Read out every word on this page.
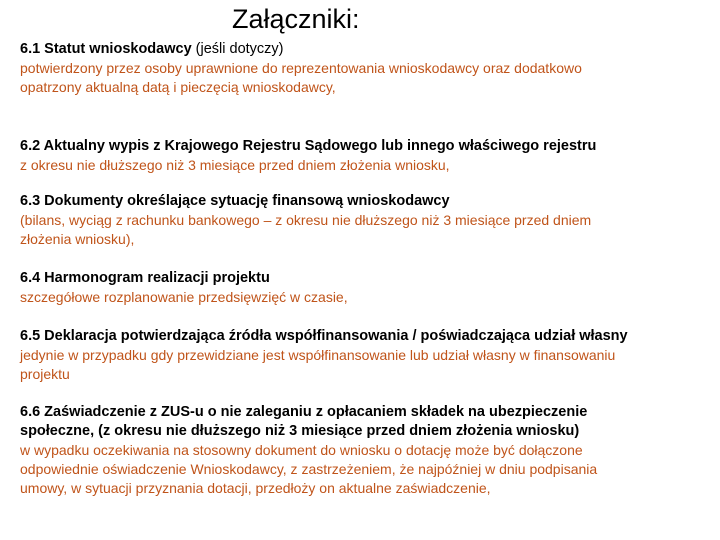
Załączniki:
6.1 Statut wnioskodawcy (jeśli dotyczy)
potwierdzony przez osoby uprawnione do reprezentowania wnioskodawcy oraz dodatkowo
opatrzony aktualną datą i pieczęcią wnioskodawcy,
6.2 Aktualny wypis z Krajowego Rejestru Sądowego lub innego właściwego rejestru
z okresu nie dłuższego niż 3 miesiące przed dniem złożenia wniosku,
6.3 Dokumenty określające sytuację finansową wnioskodawcy
(bilans, wyciąg z rachunku bankowego – z okresu nie dłuższego niż 3 miesiące przed dniem
złożenia wniosku),
6.4 Harmonogram realizacji projektu
szczegółowe rozplanowanie przedsięwzięć w czasie,
6.5 Deklaracja potwierdzająca źródła współfinansowania / poświadczająca udział własny
jedynie w przypadku gdy przewidziane jest współfinansowanie lub udział własny w finansowaniu
projektu
6.6 Zaświadczenie z ZUS-u o nie zaleganiu z opłacaniem składek na ubezpieczenie
społeczne, (z okresu nie dłuższego niż 3 miesiące przed dniem złożenia wniosku)
w wypadku oczekiwania na stosowny dokument do wniosku o dotację może być dołączone
odpowiednie oświadczenie Wnioskodawcy, z zastrzeżeniem, że najpóźniej w dniu podpisania
umowy, w sytuacji przyznania dotacji, przedłoży on aktualne zaświadczenie,
